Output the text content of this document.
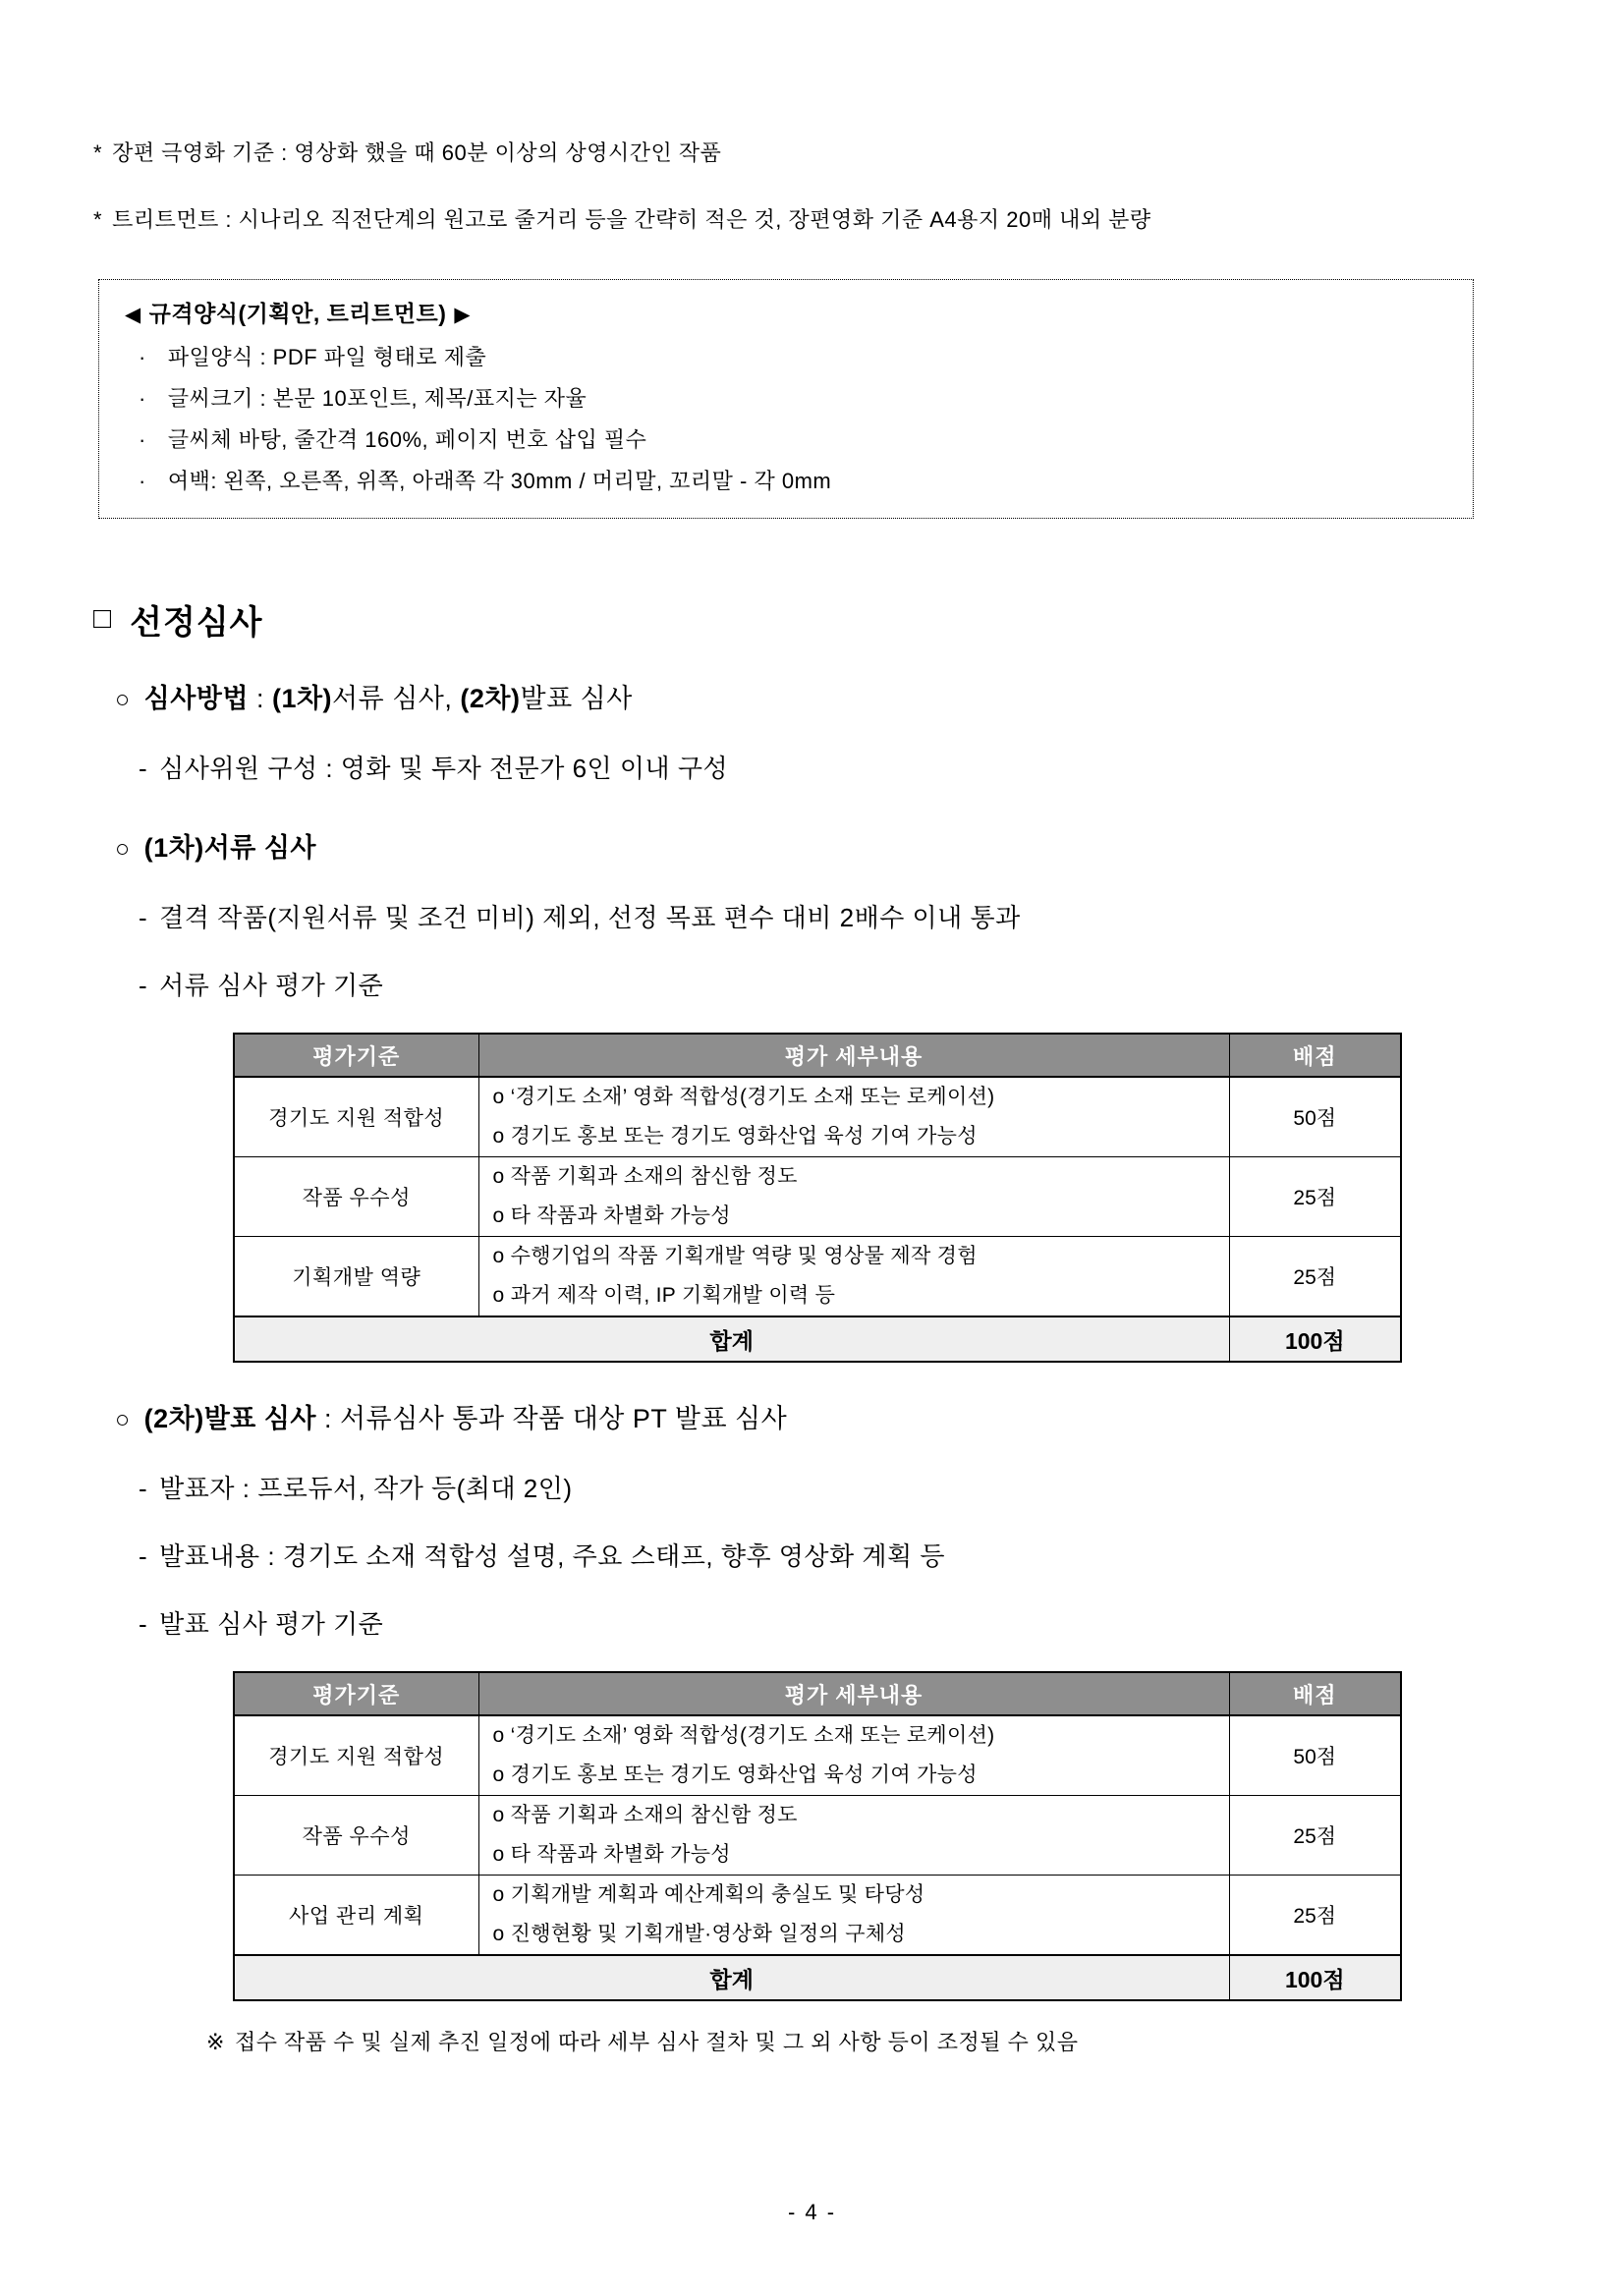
* 장편 극영화 기준 : 영상화 했을 때 60분 이상의 상영시간인 작품
* 트리트먼트 : 시나리오 직전단계의 원고로 줄거리 등을 간략히 적은 것, 장편영화 기준 A4용지 20매 내외 분량
◀ 규격양식(기획안, 트리트먼트) ▶
· 파일양식 : PDF 파일 형태로 제출
· 글씨크기 : 본문 10포인트, 제목/표지는 자율
· 글씨체 바탕, 줄간격 160%, 페이지 번호 삽입 필수
· 여백: 왼쪽, 오른쪽, 위쪽, 아래쪽 각 30mm / 머리말, 꼬리말 - 각 0mm
□ 선정심사
○ 심사방법 : (1차)서류 심사, (2차)발표 심사
- 심사위원 구성 : 영화 및 투자 전문가 6인 이내 구성
○ (1차)서류 심사
- 결격 작품(지원서류 및 조건 미비) 제외, 선정 목표 편수 대비 2배수 이내 통과
- 서류 심사 평가 기준
평가기준	평가 세부내용	배점
경기도 지원 적합성	o ‘경기도 소재’ 영화 적합성(경기도 소재 또는 로케이션)
o 경기도 홍보 또는 경기도 영화산업 육성 기여 가능성	50점
작품 우수성	o 작품 기획과 소재의 참신함 정도
o 타 작품과 차별화 가능성	25점
기획개발 역량	o 수행기업의 작품 기획개발 역량 및 영상물 제작 경험
o 과거 제작 이력, IP 기획개발 이력 등	25점
합계		100점
○ (2차)발표 심사 : 서류심사 통과 작품 대상 PT 발표 심사
- 발표자 : 프로듀서, 작가 등(최대 2인)
- 발표내용 : 경기도 소재 적합성 설명, 주요 스태프, 향후 영상화 계획 등
- 발표 심사 평가 기준
평가기준	평가 세부내용	배점
경기도 지원 적합성	o ‘경기도 소재’ 영화 적합성(경기도 소재 또는 로케이션)
o 경기도 홍보 또는 경기도 영화산업 육성 기여 가능성	50점
작품 우수성	o 작품 기획과 소재의 참신함 정도
o 타 작품과 차별화 가능성	25점
사업 관리 계획	o 기획개발 계획과 예산계획의 충실도 및 타당성
o 진행현황 및 기획개발·영상화 일정의 구체성	25점
합계		100점
※ 접수 작품 수 및 실제 추진 일정에 따라 세부 심사 절차 및 그 외 사항 등이 조정될 수 있음
- 4 -
